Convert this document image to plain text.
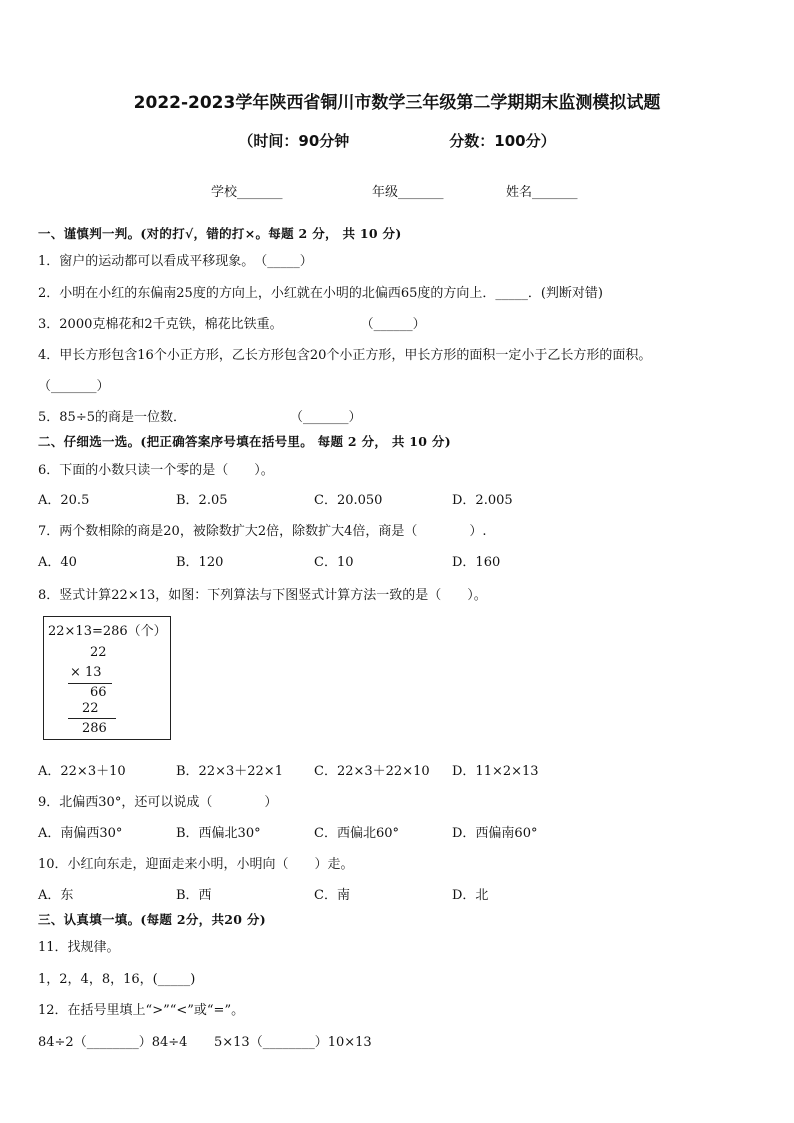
2022-2023学年陕西省铜川市数学三年级第二学期期末监测模拟试题
（时间：90分钟	分数：100分）
学校_______	年级_______	姓名_______
一、谨慎判一判。(对的打√，错的打×。每题 2 分， 共 10 分)
1．窗户的运动都可以看成平移现象。　（_____）
2．小明在小红的东偏南25度的方向上，小红就在小明的北偏西65度的方向上．_____．(判断对错)
3．2000克棉花和2千克铁，棉花比铁重。　　　　　　　（______）
4．甲长方形包含16个小正方形，乙长方形包含20个小正方形，甲长方形的面积一定小于乙长方形的面积。
（_______）
5．85÷5的商是一位数．　　　　　　　　　（_______）
二、仔细选一选。(把正确答案序号填在括号里。 每题 2 分， 共 10 分)
6．下面的小数只读一个零的是（　　）。
A．20.5	B．2.05	C．20.050	D．2.005
7．两个数相除的商是20，被除数扩大2倍，除数扩大4倍，商是（　　　　）.
A．40	B．120	C．10	D．160
8．竖式计算22×13，如图：下列算法与下图竖式计算方法一致的是（　　）。
22×13=286（个）
22
× 13
66
22
286
A．22×3＋10	B．22×3＋22×1 C．22×3＋22×10 D．11×2×13
9．北偏西30°，还可以说成（　　　　）
A．南偏西30°	B．西偏北30°	C．西偏北60°	D．西偏南60°
10．小红向东走，迎面走来小明，小明向（　　）走。
A．东	B．西	C．南	D．北
三、认真填一填。(每题 2分，共20 分)
11．找规律。
1，2，4，8，16，(_____)
12．在括号里填上“>”“<”或“=”。
84÷2（________）84÷4 5×13（________）10×13
